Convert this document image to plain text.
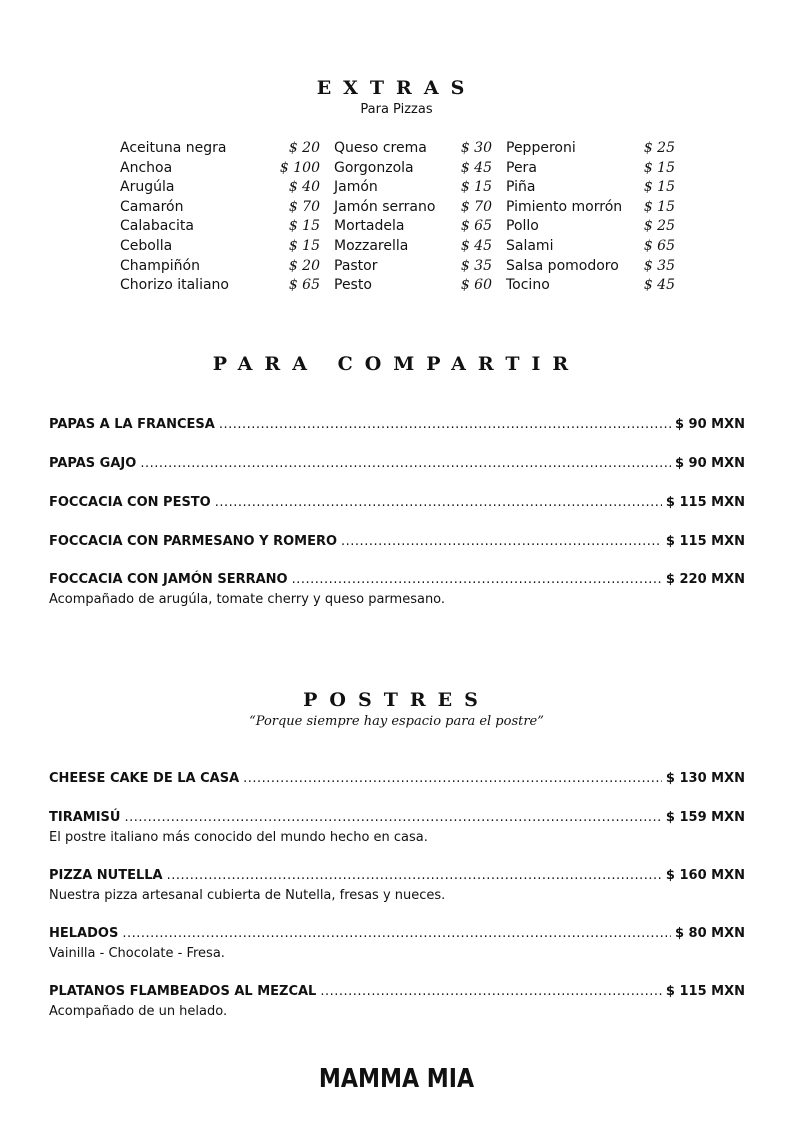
EXTRAS
Para Pizzas
Aceituna negra	$ 20
Anchoa	$ 100
Arugúla	$ 40
Camarón	$ 70
Calabacita	$ 15
Cebolla	$ 15
Champiñón	$ 20
Chorizo italiano	$ 65
Queso crema $ 30
Gorgonzola	$ 45
Jamón	$ 15
Jamón serrano $ 70
Mortadela	$ 65
Mozzarella	$ 45
Pastor	$ 35
Pesto	$ 60
Pepperoni	$ 25
Pera	$ 15
Piña	$ 15
Pimiento morrón $ 15
Pollo	$ 25
Salami	$ 65
Salsa pomodoro $ 35
Tocino	$ 45
PARA COMPARTIR
PAPAS A LA FRANCESA .....	$ 90 MXN
PAPAS GAJO .....	$ 90 MXN
FOCCACIA CON PESTO .....	$ 115 MXN
FOCCACIA CON PARMESANO Y ROMERO .....	$ 115 MXN
FOCCACIA CON JAMÓN SERRANO .....	$ 220 MXN
Acompañado de arugúla, tomate cherry y queso parmesano.
POSTRES
“Porque siempre hay espacio para el postre”
CHEESE CAKE DE LA CASA .....	$ 130 MXN
TIRAMISÚ .....	$ 159 MXN
El postre italiano más conocido del mundo hecho en casa.
PIZZA NUTELLA .....	$ 160 MXN
Nuestra pizza artesanal cubierta de Nutella, fresas y nueces.
HELADOS .....	$ 80 MXN
Vainilla - Chocolate - Fresa.
PLATANOS FLAMBEADOS AL MEZCAL .....	$ 115 MXN
Acompañado de un helado.
MAMMA MIA
